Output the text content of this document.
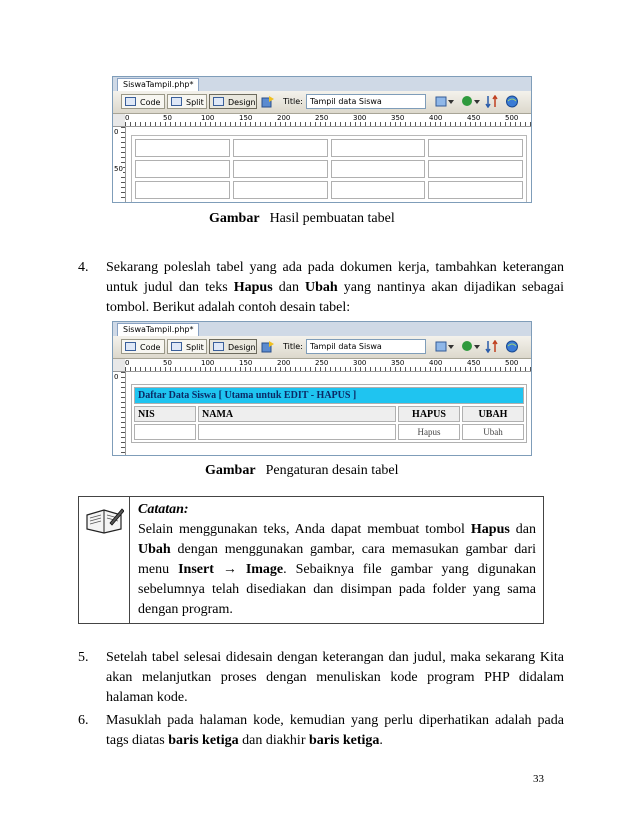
SiswaTampil.php*
Code	Split	Design	Title: Tampil data Siswa
0	50	100	150	200	250	300	350	400	450	500
0
50

Gambar Hasil pembuatan tabel
4. Sekarang poleslah tabel yang ada pada dokumen kerja, tambahkan keterangan untuk judul dan teks Hapus dan Ubah yang nantinya akan dijadikan sebagai tombol. Berikut adalah contoh desain tabel:
SiswaTampil.php*
Code	Split	Design	Title: Tampil data Siswa
0	50	100	150	200	250	300	350	400	450	500
0
Daftar Data Siswa [ Utama untuk EDIT - HAPUS ]			
NIS	NAMA	HAPUS	UBAH
		Hapus	Ubah
Gambar Pengaturan desain tabel
Catatan:
Selain menggunakan teks, Anda dapat membuat tombol Hapus dan Ubah dengan menggunakan gambar, cara memasukan gambar dari menu Insert → Image. Sebaiknya file gambar yang digunakan sebelumnya telah disediakan dan disimpan pada folder yang sama dengan program.
5. Setelah tabel selesai didesain dengan keterangan dan judul, maka sekarang Kita akan melanjutkan proses dengan menuliskan kode program PHP didalam halaman kode.
6. Masuklah pada halaman kode, kemudian yang perlu diperhatikan adalah pada tags diatas baris ketiga dan diakhir baris ketiga.
33
